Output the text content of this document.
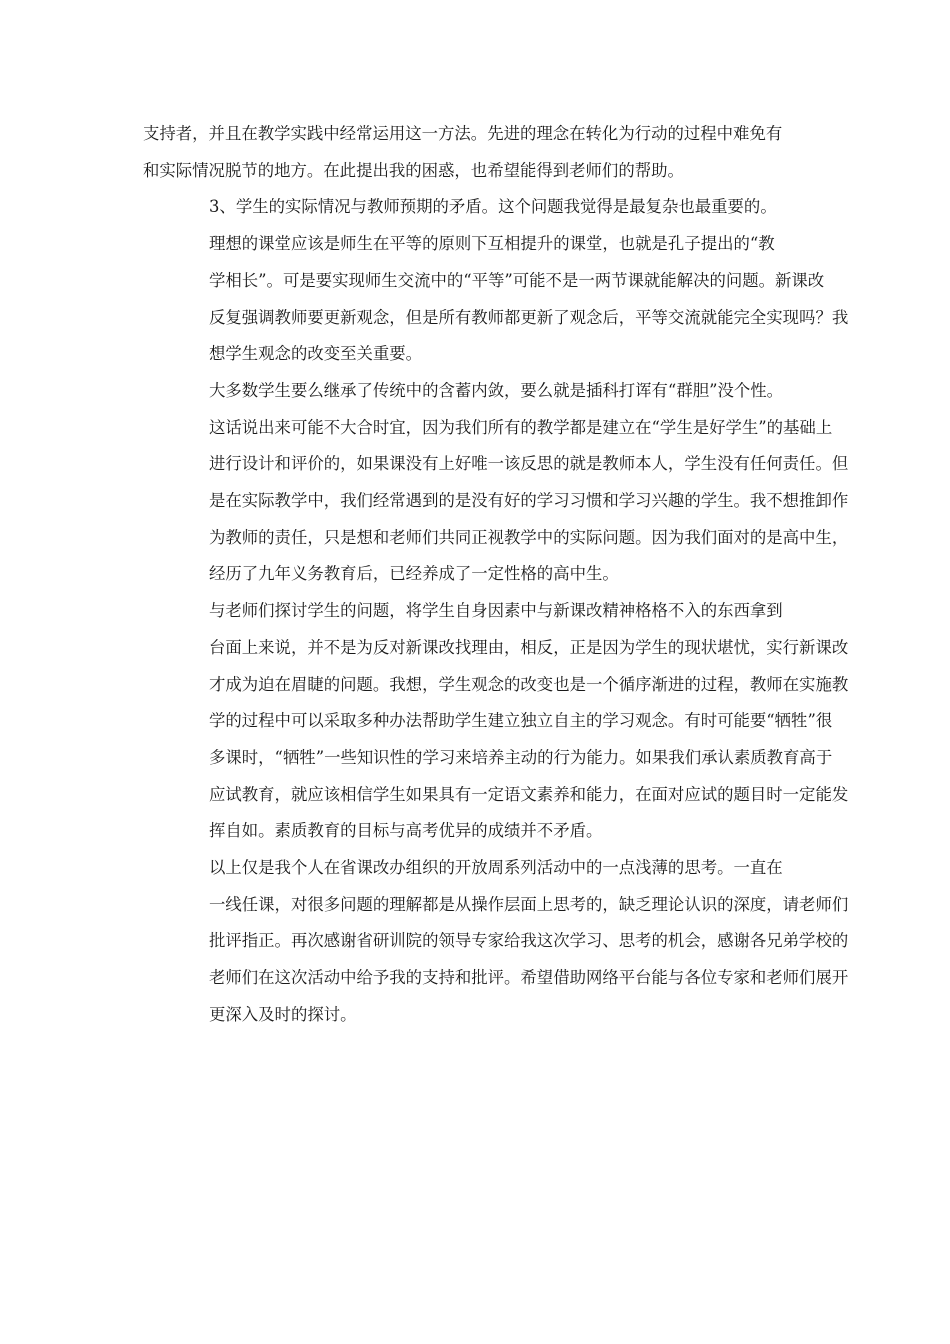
支持者，并且在教学实践中经常运用这一方法。先进的理念在转化为行动的过程中难免有
和实际情况脱节的地方。在此提出我的困惑，也希望能得到老师们的帮助。

3、学生的实际情况与教师预期的矛盾。这个问题我觉得是最复杂也最重要的。

理想的课堂应该是师生在平等的原则下互相提升的课堂，也就是孔子提出的“教
学相长”。可是要实现师生交流中的“平等”可能不是一两节课就能解决的问题。新课改
反复强调教师要更新观念，但是所有教师都更新了观念后，平等交流就能完全实现吗？我
想学生观念的改变至关重要。

大多数学生要么继承了传统中的含蓄内敛，要么就是插科打诨有“群胆”没个性。
这话说出来可能不大合时宜，因为我们所有的教学都是建立在“学生是好学生”的基础上
进行设计和评价的，如果课没有上好唯一该反思的就是教师本人，学生没有任何责任。但
是在实际教学中，我们经常遇到的是没有好的学习习惯和学习兴趣的学生。我不想推卸作
为教师的责任，只是想和老师们共同正视教学中的实际问题。因为我们面对的是高中生，
经历了九年义务教育后，已经养成了一定性格的高中生。

与老师们探讨学生的问题，将学生自身因素中与新课改精神格格不入的东西拿到
台面上来说，并不是为反对新课改找理由，相反，正是因为学生的现状堪忧，实行新课改
才成为迫在眉睫的问题。我想，学生观念的改变也是一个循序渐进的过程，教师在实施教
学的过程中可以采取多种办法帮助学生建立独立自主的学习观念。有时可能要“牺牲”很
多课时，“牺牲”一些知识性的学习来培养主动的行为能力。如果我们承认素质教育高于
应试教育，就应该相信学生如果具有一定语文素养和能力，在面对应试的题目时一定能发
挥自如。素质教育的目标与高考优异的成绩并不矛盾。

以上仅是我个人在省课改办组织的开放周系列活动中的一点浅薄的思考。一直在
一线任课，对很多问题的理解都是从操作层面上思考的，缺乏理论认识的深度，请老师们
批评指正。再次感谢省研训院的领导专家给我这次学习、思考的机会，感谢各兄弟学校的
老师们在这次活动中给予我的支持和批评。希望借助网络平台能与各位专家和老师们展开
更深入及时的探讨。
